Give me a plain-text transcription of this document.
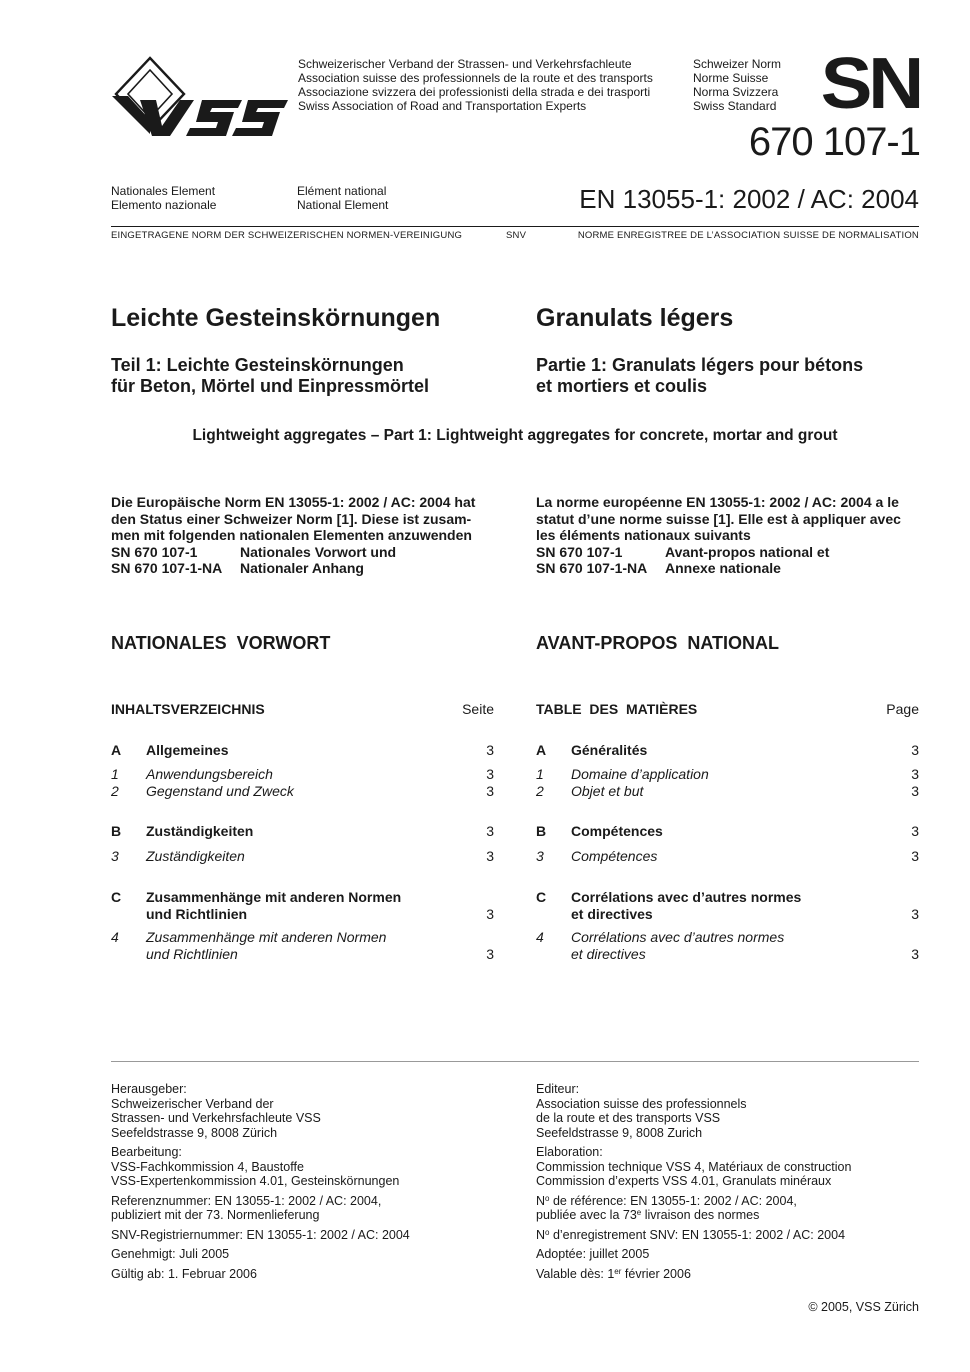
Schweizerischer Verband der Strassen- und Verkehrsfachleute
Association suisse des professionnels de la route et des transports
Associazione svizzera dei professionisti della strada e dei trasporti
Swiss Association of Road and Transportation Experts
Schweizer Norm
Norme Suisse
Norma Svizzera
Swiss Standard SN
670 107-1
Nationales Element
Elemento nazionale
Elément national
National Element	EN 13055-1: 2002 / AC: 2004
EINGETRAGENE NORM DER SCHWEIZERISCHEN NORMEN-VEREINIGUNG	SNV	NORME ENREGISTREE DE L’ASSOCIATION SUISSE DE NORMALISATION
Leichte Gesteinskörnungen	Granulats légers
Teil 1: Leichte Gesteinskörnungen
für Beton, Mörtel und Einpressmörtel
Partie 1: Granulats légers pour bétons
et mortiers et coulis
Lightweight aggregates – Part 1: Lightweight aggregates for concrete, mortar and grout
Die Europäische Norm EN 13055-1: 2002 / AC: 2004 hat
den Status einer Schweizer Norm [1]. Diese ist zusam-
men mit folgenden nationalen Elementen anzuwenden
SN 670 107-1	Nationales Vorwort und
SN 670 107-1-NA Nationaler Anhang
La norme européenne EN 13055-1: 2002 / AC: 2004 a le
statut d’une norme suisse [1]. Elle est à appliquer avec
les éléments nationaux suivants
SN 670 107-1	Avant-propos national et
SN 670 107-1-NA Annexe nationale
NATIONALES  VORWORT	AVANT-PROPOS  NATIONAL
INHALTSVERZEICHNIS	Seite	TABLE  DES  MATIÈRES	Page
A Allgemeines	3
1 Anwendungsbereich	3
2 Gegenstand und Zweck	3
B Zuständigkeiten	3
3 Zuständigkeiten	3
C Zusammenhänge mit anderen Normen
und Richtlinien	3
4 Zusammenhänge mit anderen Normen
und Richtlinien	3
A Généralités	3
1 Domaine d’application	3
2 Objet et but	3
B Compétences	3
3 Compétences	3
C Corrélations avec d’autres normes
et directives	3
4 Corrélations avec d’autres normes
et directives	3
Herausgeber:
Schweizerischer Verband der
Strassen- und Verkehrsfachleute VSS
Seefeldstrasse 9, 8008 Zürich
Bearbeitung:
VSS-Fachkommission 4, Baustoffe
VSS-Expertenkommission 4.01, Gesteinskörnungen
Referenznummer: EN 13055-1: 2002 / AC: 2004,
publiziert mit der 73. Normenlieferung
SNV-Registriernummer: EN 13055-1: 2002 / AC: 2004
Genehmigt: Juli 2005
Gültig ab: 1. Februar 2006
Editeur:
Association suisse des professionnels
de la route et des transports VSS
Seefeldstrasse 9, 8008 Zurich
Elaboration:
Commission technique VSS 4, Matériaux de construction
Commission d’experts VSS 4.01, Granulats minéraux
$N^o$ de référence: EN 13055-1: 2002 / AC: 2004,
publiée avec la 73e livraison des normes
$N^o$ d’enregistrement SNV: EN 13055-1: 2002 / AC: 2004
Adoptée: juillet 2005
Valable dès: 1er février 2006
© 2005, VSS Zürich
